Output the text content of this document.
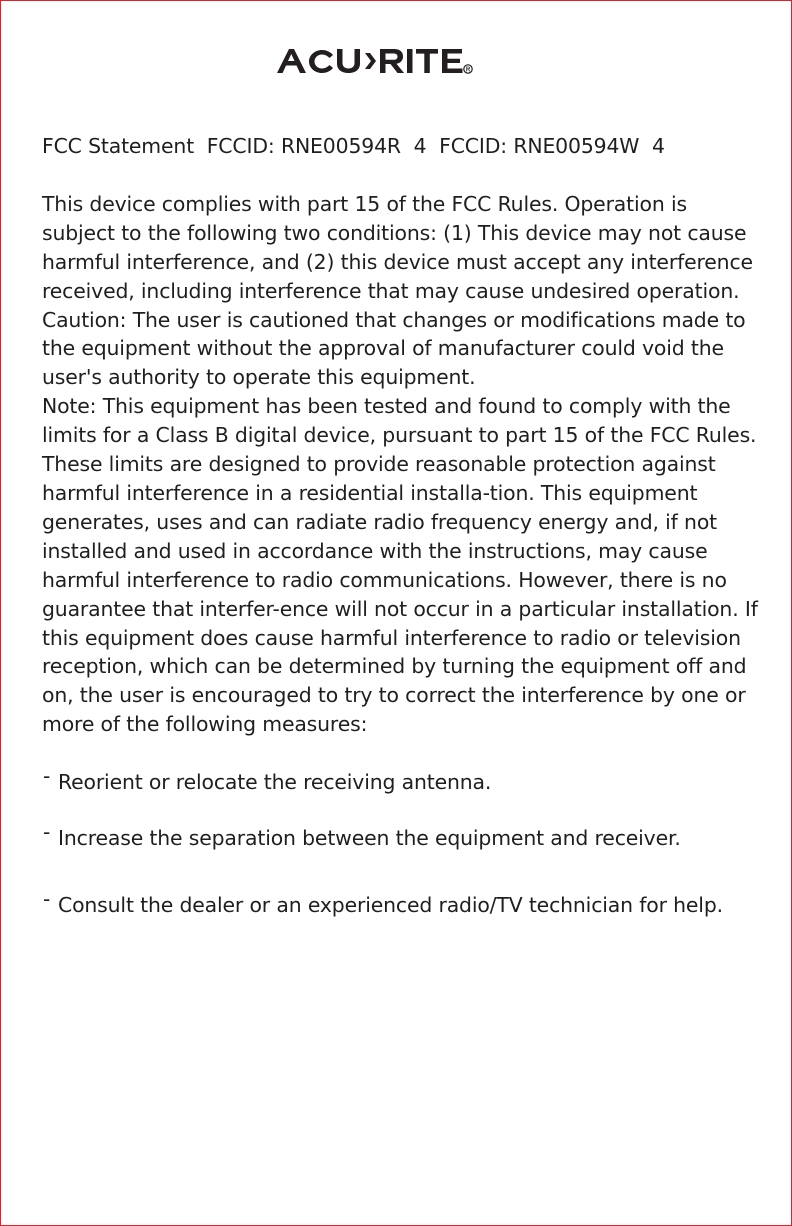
FCC Statement FCCID: RNE00594R 4 FCCID: RNE00594W 4

This device complies with part 15 of the FCC Rules. Operation is subject to the following two conditions: (1) This device may not cause harmful interference, and (2) this device must accept any interference received, including interference that may cause undesired operation.

Caution: The user is cautioned that changes or modifications made to the equipment without the approval of manufacturer could void the user's authority to operate this equipment.

Note: This equipment has been tested and found to comply with the limits for a Class B digital device, pursuant to part 15 of the FCC Rules. These limits are designed to provide reasonable protection against harmful interference in a residential installa-tion. This equipment generates, uses and can radiate radio frequency energy and, if not installed and used in accordance with the instructions, may cause harmful interference to radio communications. However, there is no guarantee that interfer-ence will not occur in a particular installation. If this equipment does cause harmful interference to radio or television reception, which can be determined by turning the equipment off and on, the user is encouraged to try to correct the interference by one or more of the following measures:

- Reorient or relocate the receiving antenna.
- Increase the separation between the equipment and receiver.
- Consult the dealer or an experienced radio/TV technician for help.
